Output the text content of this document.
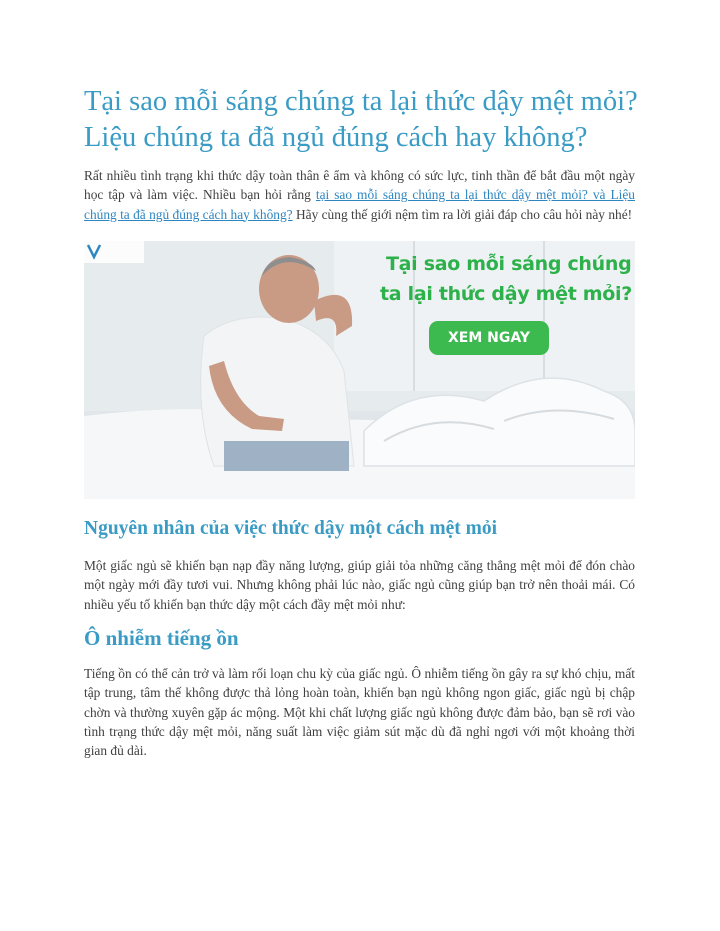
Tại sao mỗi sáng chúng ta lại thức dậy mệt mỏi?
Liệu chúng ta đã ngủ đúng cách hay không?

Rất nhiều tình trạng khi thức dậy toàn thân ê ẩm và không có sức lực, tinh thần để bắt đầu một ngày học tập và làm việc. Nhiều bạn hỏi rằng tại sao mỗi sáng chúng ta lại thức dậy mệt mỏi? và Liệu chúng ta đã ngủ đúng cách hay không? Hãy cùng thế giới nệm tìm ra lời giải đáp cho câu hỏi này nhé!

Tại sao mỗi sáng chúng
ta lại thức dậy mệt mỏi?
XEM NGAY
Nguyên nhân của việc thức dậy một cách mệt mỏi

Một giấc ngủ sẽ khiến bạn nạp đầy năng lượng, giúp giải tỏa những căng thẳng mệt mỏi để đón chào một ngày mới đầy tươi vui. Nhưng không phải lúc nào, giấc ngủ cũng giúp bạn trở nên thoải mái. Có nhiều yếu tố khiến bạn thức dậy một cách đầy mệt mỏi như:

Ô nhiễm tiếng ồn

Tiếng ồn có thể cản trở và làm rối loạn chu kỳ của giấc ngủ. Ô nhiễm tiếng ồn gây ra sự khó chịu, mất tập trung, tâm thế không được thả lỏng hoàn toàn, khiến bạn ngủ không ngon giấc, giấc ngủ bị chập chờn và thường xuyên gặp ác mộng. Một khi chất lượng giấc ngủ không được đảm bảo, bạn sẽ rơi vào tình trạng thức dậy mệt mỏi, năng suất làm việc giảm sút mặc dù đã nghỉ ngơi với một khoảng thời gian đủ dài.
